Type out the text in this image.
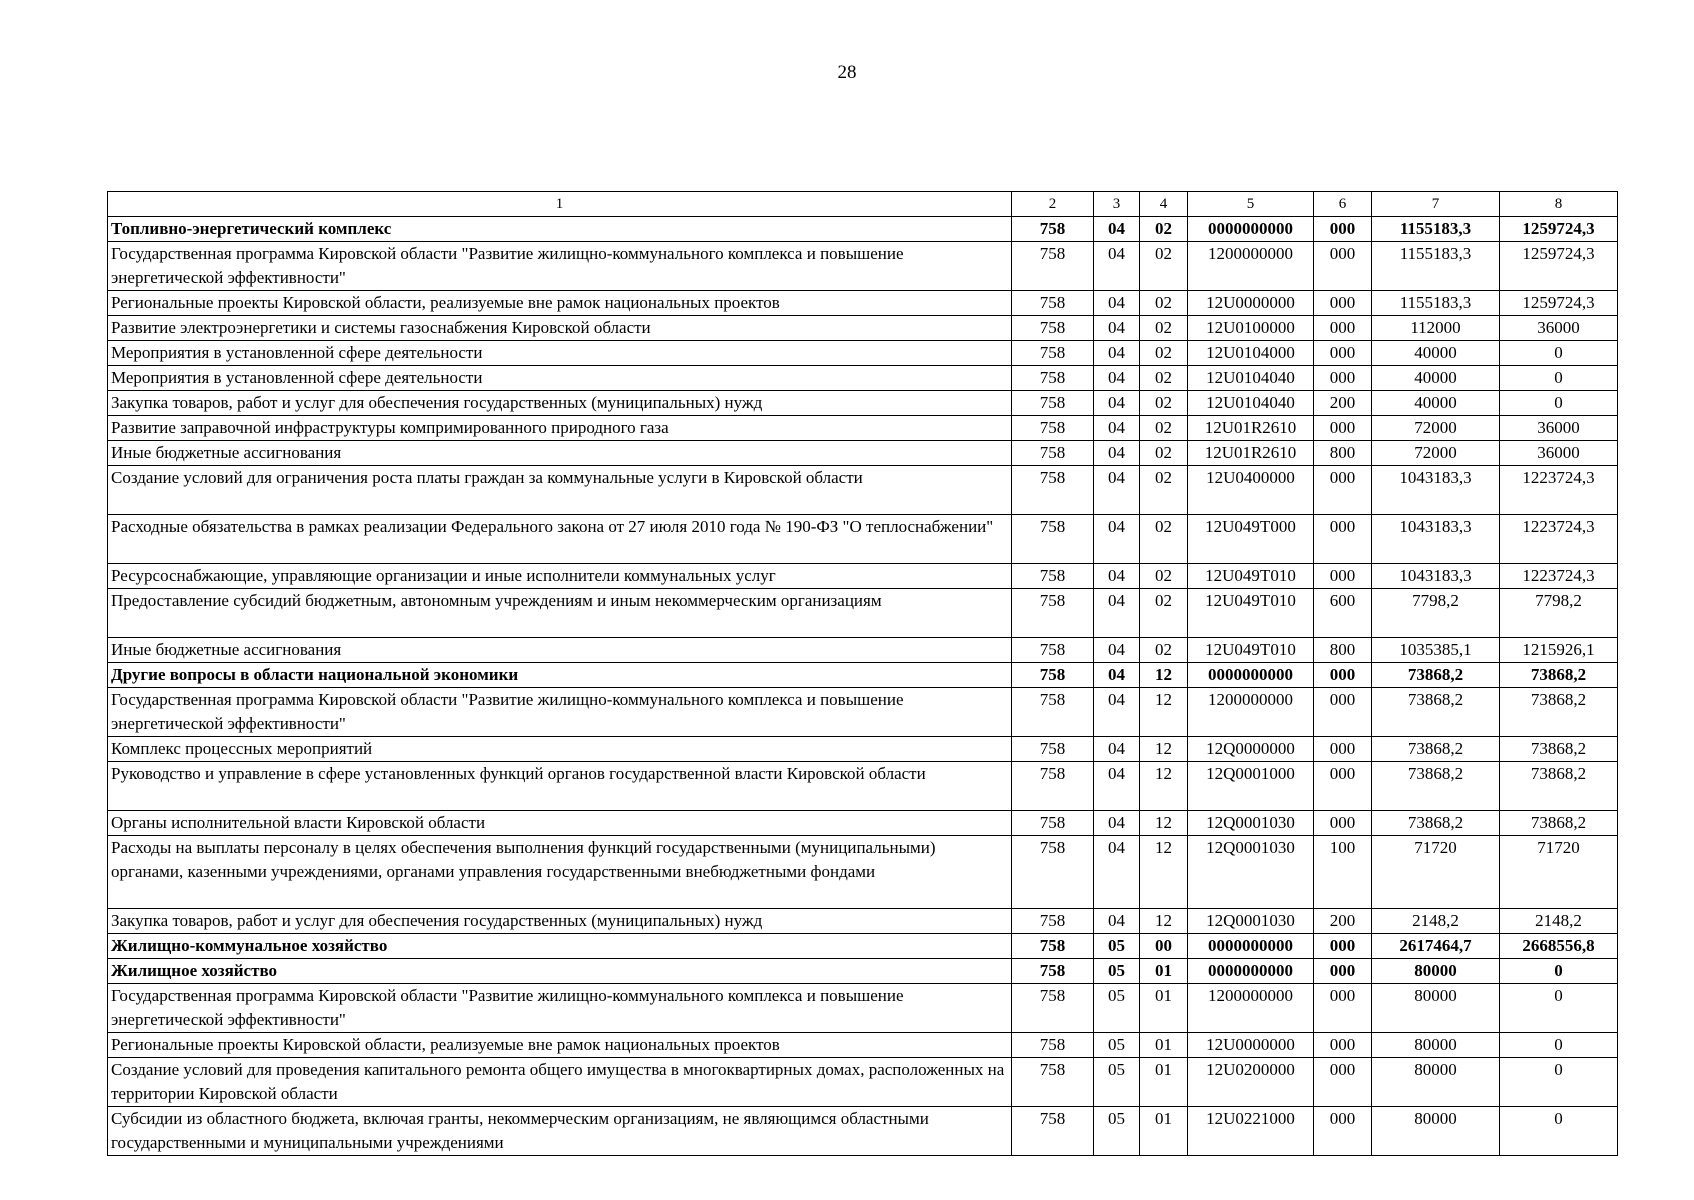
28
1	2	3	4	5	6	7	8
Топливно-энергетический комплекс	758	04	02	0000000000	000	1155183,3	1259724,3
Государственная программа Кировской области "Развитие жилищно-коммунального комплекса и повышение энергетической эффективности"	758	04	02	1200000000	000	1155183,3	1259724,3
Региональные проекты Кировской области, реализуемые вне рамок национальных проектов	758	04	02	12U0000000	000	1155183,3	1259724,3
Развитие электроэнергетики и системы газоснабжения Кировской области	758	04	02	12U0100000	000	112000	36000
Мероприятия в установленной сфере деятельности	758	04	02	12U0104000	000	40000	0
Мероприятия в установленной сфере деятельности	758	04	02	12U0104040	000	40000	0
Закупка товаров, работ и услуг для обеспечения государственных (муниципальных) нужд	758	04	02	12U0104040	200	40000	0
Развитие заправочной инфраструктуры компримированного природного газа	758	04	02	12U01R2610	000	72000	36000
Иные бюджетные ассигнования	758	04	02	12U01R2610	800	72000	36000
Создание условий для ограничения роста платы граждан за коммунальные услуги в Кировской области	758	04	02	12U0400000	000	1043183,3	1223724,3
Расходные обязательства в рамках реализации Федерального закона от 27 июля 2010 года № 190-ФЗ "О теплоснабжении"	758	04	02	12U049T000	000	1043183,3	1223724,3
Ресурсоснабжающие, управляющие организации и иные исполнители коммунальных услуг	758	04	02	12U049T010	000	1043183,3	1223724,3
Предоставление субсидий бюджетным, автономным учреждениям и иным некоммерческим организациям	758	04	02	12U049T010	600	7798,2	7798,2
Иные бюджетные ассигнования	758	04	02	12U049T010	800	1035385,1	1215926,1
Другие вопросы в области национальной экономики	758	04	12	0000000000	000	73868,2	73868,2
Государственная программа Кировской области "Развитие жилищно-коммунального комплекса и повышение энергетической эффективности"	758	04	12	1200000000	000	73868,2	73868,2
Комплекс процессных мероприятий	758	04	12	12Q0000000	000	73868,2	73868,2
Руководство и управление в сфере установленных функций органов государственной власти Кировской области	758	04	12	12Q0001000	000	73868,2	73868,2
Органы исполнительной власти Кировской области	758	04	12	12Q0001030	000	73868,2	73868,2
Расходы на выплаты персоналу в целях обеспечения выполнения функций государственными (муниципальными) органами, казенными учреждениями, органами управления государственными внебюджетными фондами	758	04	12	12Q0001030	100	71720	71720
Закупка товаров, работ и услуг для обеспечения государственных (муниципальных) нужд	758	04	12	12Q0001030	200	2148,2	2148,2
Жилищно-коммунальное хозяйство	758	05	00	0000000000	000	2617464,7	2668556,8
Жилищное хозяйство	758	05	01	0000000000	000	80000	0
Государственная программа Кировской области "Развитие жилищно-коммунального комплекса и повышение энергетической эффективности"	758	05	01	1200000000	000	80000	0
Региональные проекты Кировской области, реализуемые вне рамок национальных проектов	758	05	01	12U0000000	000	80000	0
Создание условий для проведения капитального ремонта общего имущества в многоквартирных домах, расположенных на территории Кировской области	758	05	01	12U0200000	000	80000	0
Субсидии из областного бюджета, включая гранты, некоммерческим организациям, не являющимся областными государственными и муниципальными учреждениями	758	05	01	12U0221000	000	80000	0
